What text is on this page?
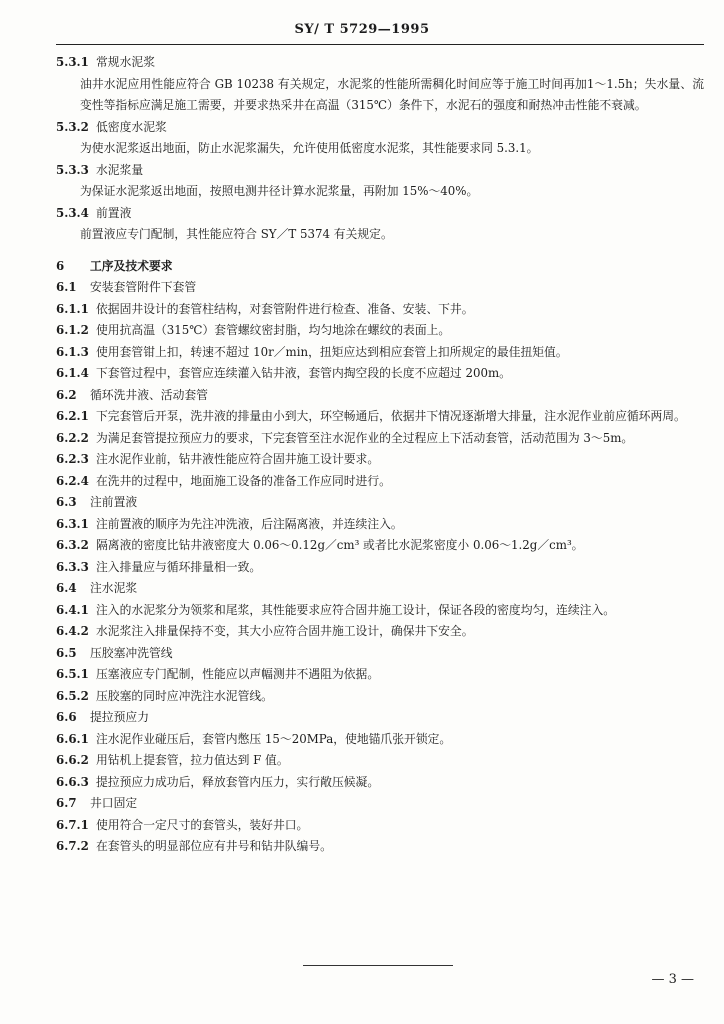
SY/ T 5729—1995
5.3.1 常规水泥浆
油井水泥应用性能应符合 GB 10238 有关规定，水泥浆的性能所需稠化时间应等于施工时间再加1～1.5h；失水量、流变性等指标应满足施工需要，并要求热采井在高温（315℃）条件下，水泥石的强度和耐热冲击性能不衰减。
5.3.2 低密度水泥浆
为使水泥浆返出地面，防止水泥浆漏失，允许使用低密度水泥浆，其性能要求同 5.3.1。
5.3.3 水泥浆量
为保证水泥浆返出地面，按照电测井径计算水泥浆量，再附加 15%～40%。
5.3.4 前置液
前置液应专门配制，其性能应符合 SY／T 5374 有关规定。
6 工序及技术要求
6.1 安装套管附件下套管
6.1.1 依据固井设计的套管柱结构，对套管附件进行检查、准备、安装、下井。
6.1.2 使用抗高温（315℃）套管螺纹密封脂，均匀地涂在螺纹的表面上。
6.1.3 使用套管钳上扣，转速不超过 10r／min，扭矩应达到相应套管上扣所规定的最佳扭矩值。
6.1.4 下套管过程中，套管应连续灌入钻井液，套管内掏空段的长度不应超过 200m。
6.2 循环洗井液、活动套管
6.2.1 下完套管后开泵，洗井液的排量由小到大，环空畅通后，依据井下情况逐渐增大排量，注水泥作业前应循环两周。
6.2.2 为满足套管提拉预应力的要求，下完套管至注水泥作业的全过程应上下活动套管，活动范围为 3～5m。
6.2.3 注水泥作业前，钻井液性能应符合固井施工设计要求。
6.2.4 在洗井的过程中，地面施工设备的准备工作应同时进行。
6.3 注前置液
6.3.1 注前置液的顺序为先注冲洗液，后注隔离液，并连续注入。
6.3.2 隔离液的密度比钻井液密度大 0.06～0.12g／cm³ 或者比水泥浆密度小 0.06～1.2g／cm³。
6.3.3 注入排量应与循环排量相一致。
6.4 注水泥浆
6.4.1 注入的水泥浆分为领浆和尾浆，其性能要求应符合固井施工设计，保证各段的密度均匀，连续注入。
6.4.2 水泥浆注入排量保持不变，其大小应符合固井施工设计，确保井下安全。
6.5 压胶塞冲洗管线
6.5.1 压塞液应专门配制，性能应以声幅测井不遇阻为依据。
6.5.2 压胶塞的同时应冲洗注水泥管线。
6.6 提拉预应力
6.6.1 注水泥作业碰压后，套管内憋压 15～20MPa，使地锚爪张开锁定。
6.6.2 用钻机上提套管，拉力值达到 F 值。
6.6.3 提拉预应力成功后，释放套管内压力，实行敞压候凝。
6.7 井口固定
6.7.1 使用符合一定尺寸的套管头，装好井口。
6.7.2 在套管头的明显部位应有井号和钻井队编号。
— 3 —
